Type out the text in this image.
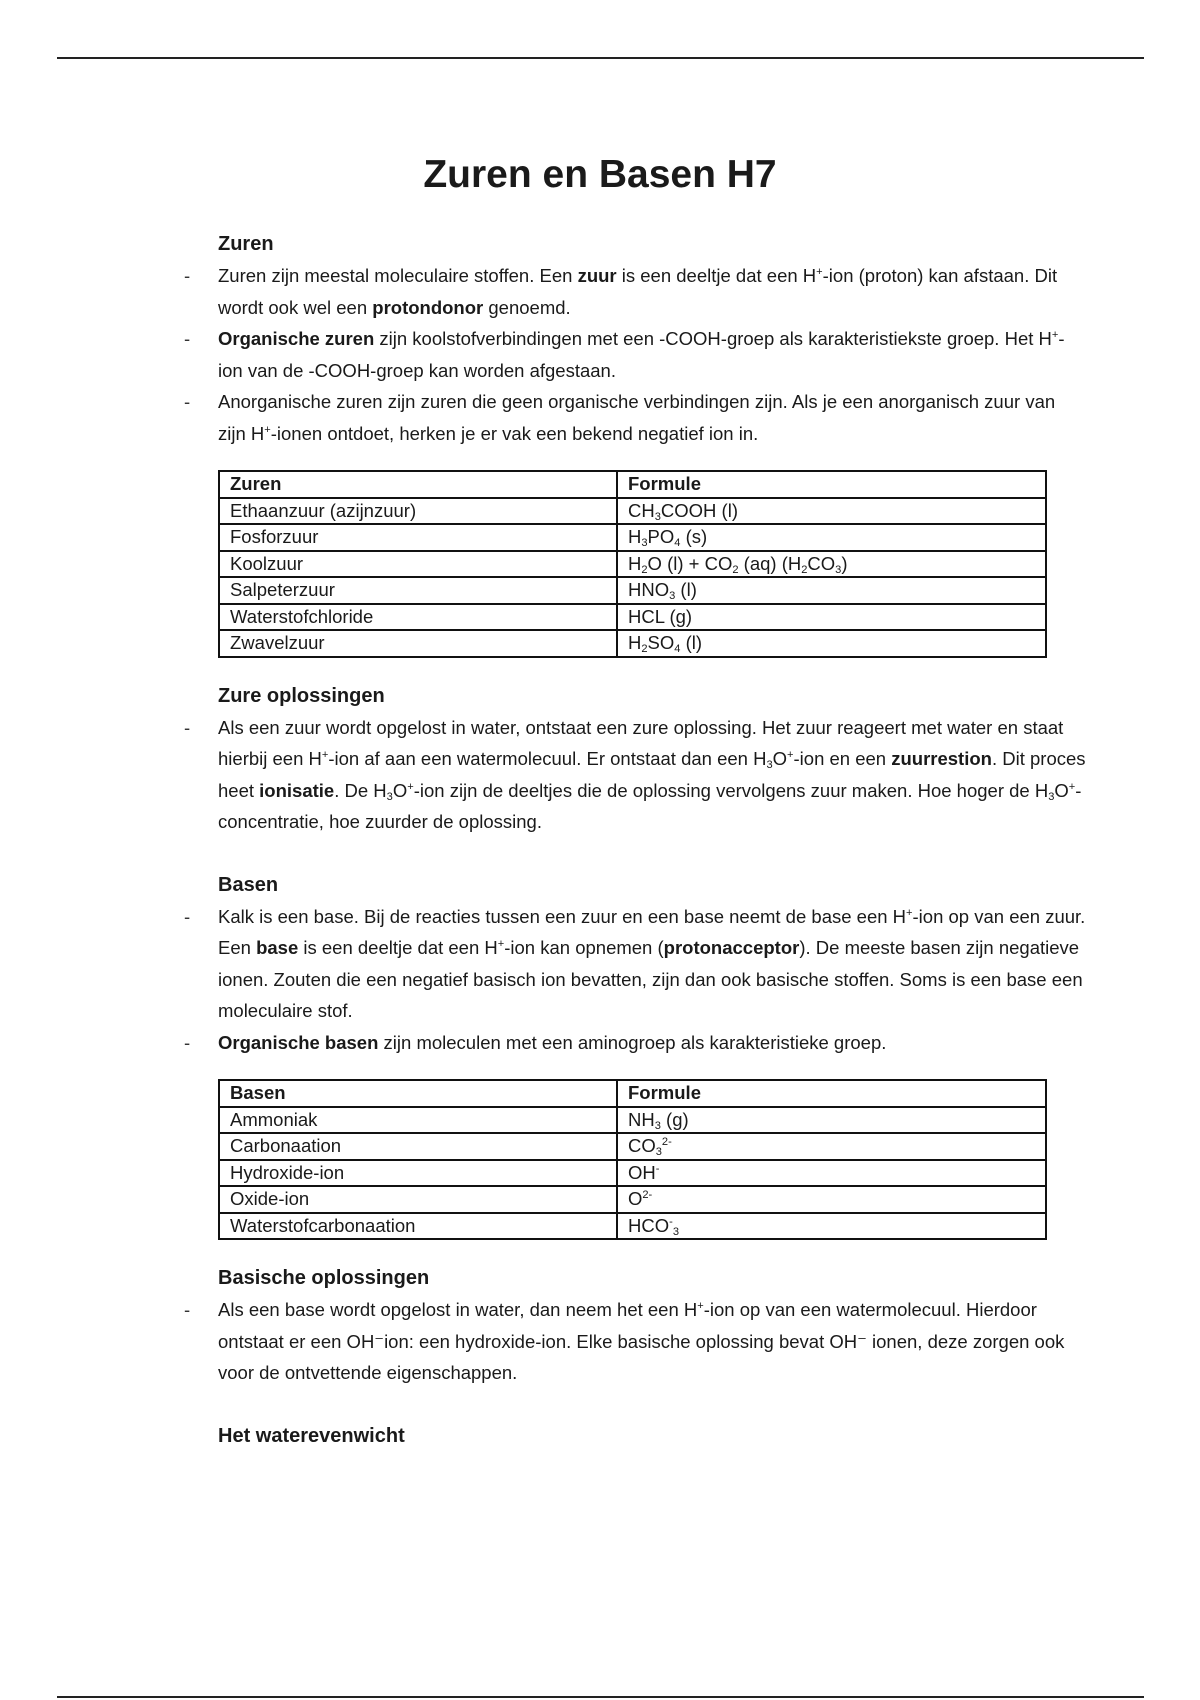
Zuren en Basen H7
Zuren
- Zuren zijn meestal moleculaire stoffen. Een zuur is een deeltje dat een H+-ion (proton) kan afstaan. Dit wordt ook wel een protondonor genoemd.
- Organische zuren zijn koolstofverbindingen met een -COOH-groep als karakteristiekste groep. Het H+-ion van de -COOH-groep kan worden afgestaan.
- Anorganische zuren zijn zuren die geen organische verbindingen zijn. Als je een anorganisch zuur van zijn H+-ionen ontdoet, herken je er vak een bekend negatief ion in.
Zuren	Formule
Ethaanzuur (azijnzuur)	$CH_3COOH$ (l)
Fosforzuur	$H_3PO_4$ (s)
Koolzuur	$H_2O$ $(l) + CO_2$ (aq) $(H_2CO_3)$
Salpeterzuur	$HNO_3$ (l)
Waterstofchloride	HCL (g)
Zwavelzuur	$H_2SO_4$ (l)
Zure oplossingen
- Als een zuur wordt opgelost in water, ontstaat een zure oplossing. Het zuur reageert met water en staat hierbij een H+-ion af aan een watermolecuul. Er ontstaat dan een $H_3O^+$-ion en een zuurrestion. Dit proces heet ionisatie. De $H_3O^+$-ion zijn de deeltjes die de oplossing vervolgens zuur maken. Hoe hoger de $H_3O^+$-concentratie, hoe zuurder de oplossing.
Basen
- Kalk is een base. Bij de reacties tussen een zuur en een base neemt de base een H+-ion op van een zuur. Een base is een deeltje dat een H+-ion kan opnemen (protonacceptor). De meeste basen zijn negatieve ionen. Zouten die een negatief basisch ion bevatten, zijn dan ook basische stoffen. Soms is een base een moleculaire stof.
- Organische basen zijn moleculen met een aminogroep als karakteristieke groep.
Basen	Formule
Ammoniak	$NH_3$ (g)
Carbonaation	$CO_3^{2-}$
Hydroxide-ion	OH-
Oxide-ion	$O^{2-}$
Waterstofcarbonaation	$HCO^-_3$
Basische oplossingen
- Als een base wordt opgelost in water, dan neem het een H+-ion op van een watermolecuul. Hierdoor ontstaat er een OH⁻ion: een hydroxide-ion. Elke basische oplossing bevat OH⁻ ionen, deze zorgen ook voor de ontvettende eigenschappen.
Het waterevenwicht
